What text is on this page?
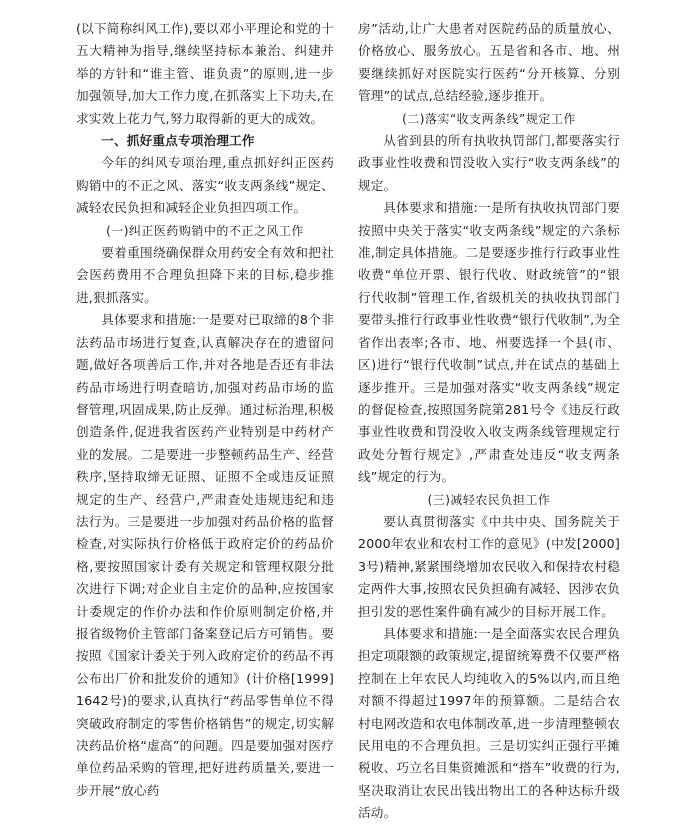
(以下简称纠风工作),要以邓小平理论和党的十五大精神为指导,继续坚持标本兼治、纠建并举的方针和“谁主管、谁负责”的原则,进一步加强领导,加大工作力度,在抓落实上下功夫,在求实效上花力气,努力取得新的更大的成效。

一、抓好重点专项治理工作

今年的纠风专项治理,重点抓好纠正医药购销中的不正之风、落实“收支两条线”规定、减轻农民负担和减轻企业负担四项工作。

(一)纠正医药购销中的不正之风工作

要着重围绕确保群众用药安全有效和把社会医药费用不合理负担降下来的目标,稳步推进,狠抓落实。

具体要求和措施:一是要对已取缔的8个非法药品市场进行复查,认真解决存在的遗留问题,做好各项善后工作,并对各地是否还有非法药品市场进行明查暗访,加强对药品市场的监督管理,巩固成果,防止反弹。通过标治理,积极创造条件,促进我省医药产业特别是中药材产业的发展。二是要进一步整顿药品生产、经营秩序,坚持取缔无证照、证照不全或违反证照规定的生产、经营户,严肃查处违规违纪和违法行为。三是要进一步加强对药品价格的监督检查,对实际执行价格低于政府定价的药品价格,要按照国家计委有关规定和管理权限分批次进行下调;对企业自主定价的品种,应按国家计委规定的作价办法和作价原则制定价格,并报省级物价主管部门备案登记后方可销售。要按照《国家计委关于列入政府定价的药品不再公布出厂价和批发价的通知》(计价格[1999]1642号)的要求,认真执行“药品零售单位不得突破政府制定的零售价格销售”的规定,切实解决药品价格“虚高”的问题。四是要加强对医疗单位药品采购的管理,把好进药质量关,要进一步开展“放心药

房”活动,让广大患者对医院药品的质量放心、价格放心、服务放心。五是省和各市、地、州要继续抓好对医院实行医药“分开核算、分别管理”的试点,总结经验,逐步推开。

(二)落实“收支两条线”规定工作

从省到县的所有执收执罚部门,都要落实行政事业性收费和罚没收入实行“收支两条线”的规定。

具体要求和措施:一是所有执收执罚部门要按照中央关于落实“收支两条线”规定的六条标准,制定具体措施。二是要逐步推行行政事业性收费“单位开票、银行代收、财政统管”的“银行代收制”管理工作,省级机关的执收执罚部门要带头推行行政事业性收费“银行代收制”,为全省作出表率;各市、地、州要选择一个县(市、区)进行“银行代收制”试点,并在试点的基础上逐步推开。三是加强对落实“收支两条线”规定的督促检查,按照国务院第281号令《违反行政事业性收费和罚没收入收支两条线管理规定行政处分暂行规定》,严肃查处违反“收支两条线”规定的行为。

(三)减轻农民负担工作

要认真贯彻落实《中共中央、国务院关于2000年农业和农村工作的意见》(中发[2000]3号)精神,紧紧围绕增加农民收入和保持农村稳定两件大事,按照农民负担确有减轻、因涉农负担引发的恶性案件确有减少的目标开展工作。

具体要求和措施:一是全面落实农民合理负担定项限额的政策规定,提留统筹费不仅要严格控制在上年农民人均纯收入的5%以内,而且绝对额不得超过1997年的预算额。二是结合农村电网改造和农电体制改革,进一步清理整顿农民用电的不合理负担。三是切实纠正强行平摊税收、巧立名目集资摊派和“搭车”收费的行为,坚决取消让农民出钱出物出工的各种达标升级活动。
